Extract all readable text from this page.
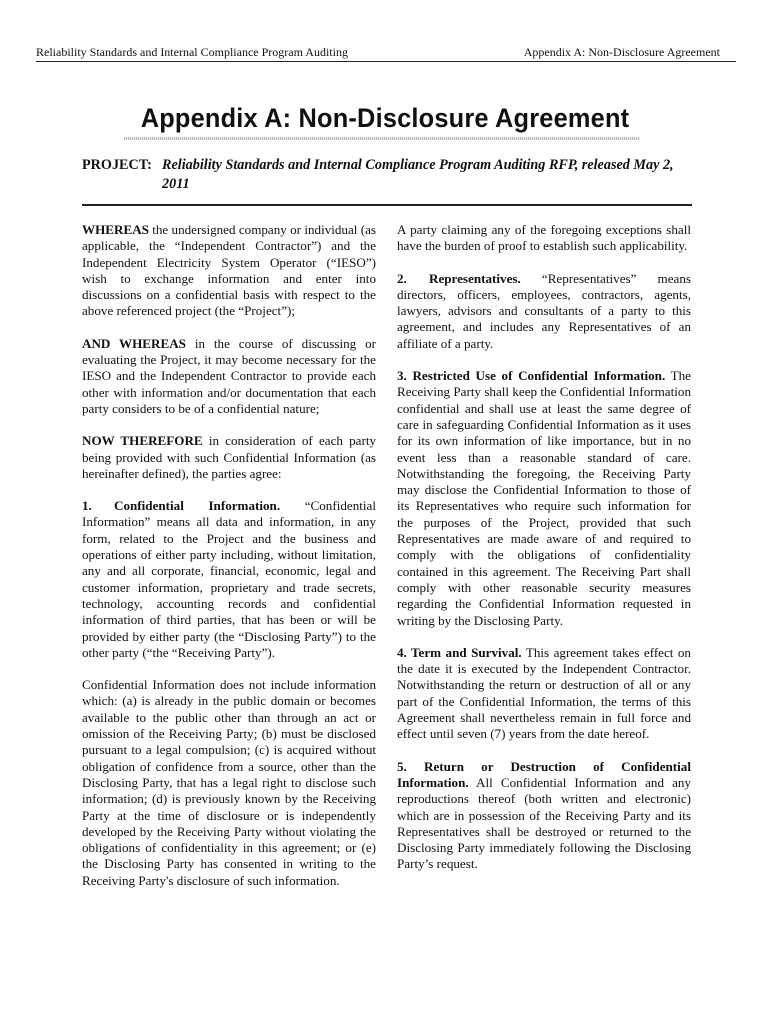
Reliability Standards and Internal Compliance Program Auditing	Appendix A: Non-Disclosure Agreement
Appendix A: Non-Disclosure Agreement
PROJECT: Reliability Standards and Internal Compliance Program Auditing RFP, released May 2, 2011

WHEREAS the undersigned company or individual (as applicable, the “Independent Contractor”) and the Independent Electricity System Operator (“IESO”) wish to exchange information and enter into discussions on a confidential basis with respect to the above referenced project (the “Project”);

AND WHEREAS in the course of discussing or evaluating the Project, it may become necessary for the IESO and the Independent Contractor to provide each other with information and/or documentation that each party considers to be of a confidential nature;

NOW THEREFORE in consideration of each party being provided with such Confidential Information (as hereinafter defined), the parties agree:

1. Confidential Information. “Confidential Information” means all data and information, in any form, related to the Project and the business and operations of either party including, without limitation, any and all corporate, financial, economic, legal and customer information, proprietary and trade secrets, technology, accounting records and confidential information of third parties, that has been or will be provided by either party (the “Disclosing Party”) to the other party (“the “Receiving Party”).

Confidential Information does not include information which: (a) is already in the public domain or becomes available to the public other than through an act or omission of the Receiving Party; (b) must be disclosed pursuant to a legal compulsion; (c) is acquired without obligation of confidence from a source, other than the Disclosing Party, that has a legal right to disclose such information; (d) is previously known by the Receiving Party at the time of disclosure or is independently developed by the Receiving Party without violating the obligations of confidentiality in this agreement; or (e) the Disclosing Party has consented in writing to the Receiving Party's disclosure of such information.

A party claiming any of the foregoing exceptions shall have the burden of proof to establish such applicability.

2. Representatives. “Representatives” means directors, officers, employees, contractors, agents, lawyers, advisors and consultants of a party to this agreement, and includes any Representatives of an affiliate of a party.

3. Restricted Use of Confidential Information. The Receiving Party shall keep the Confidential Information confidential and shall use at least the same degree of care in safeguarding Confidential Information as it uses for its own information of like importance, but in no event less than a reasonable standard of care. Notwithstanding the foregoing, the Receiving Party may disclose the Confidential Information to those of its Representatives who require such information for the purposes of the Project, provided that such Representatives are made aware of and required to comply with the obligations of confidentiality contained in this agreement. The Receiving Part shall comply with other reasonable security measures regarding the Confidential Information requested in writing by the Disclosing Party.

4. Term and Survival. This agreement takes effect on the date it is executed by the Independent Contractor. Notwithstanding the return or destruction of all or any part of the Confidential Information, the terms of this Agreement shall nevertheless remain in full force and effect until seven (7) years from the date hereof.

5. Return or Destruction of Confidential Information. All Confidential Information and any reproductions thereof (both written and electronic) which are in possession of the Receiving Party and its Representatives shall be destroyed or returned to the Disclosing Party immediately following the Disclosing Party’s request.
